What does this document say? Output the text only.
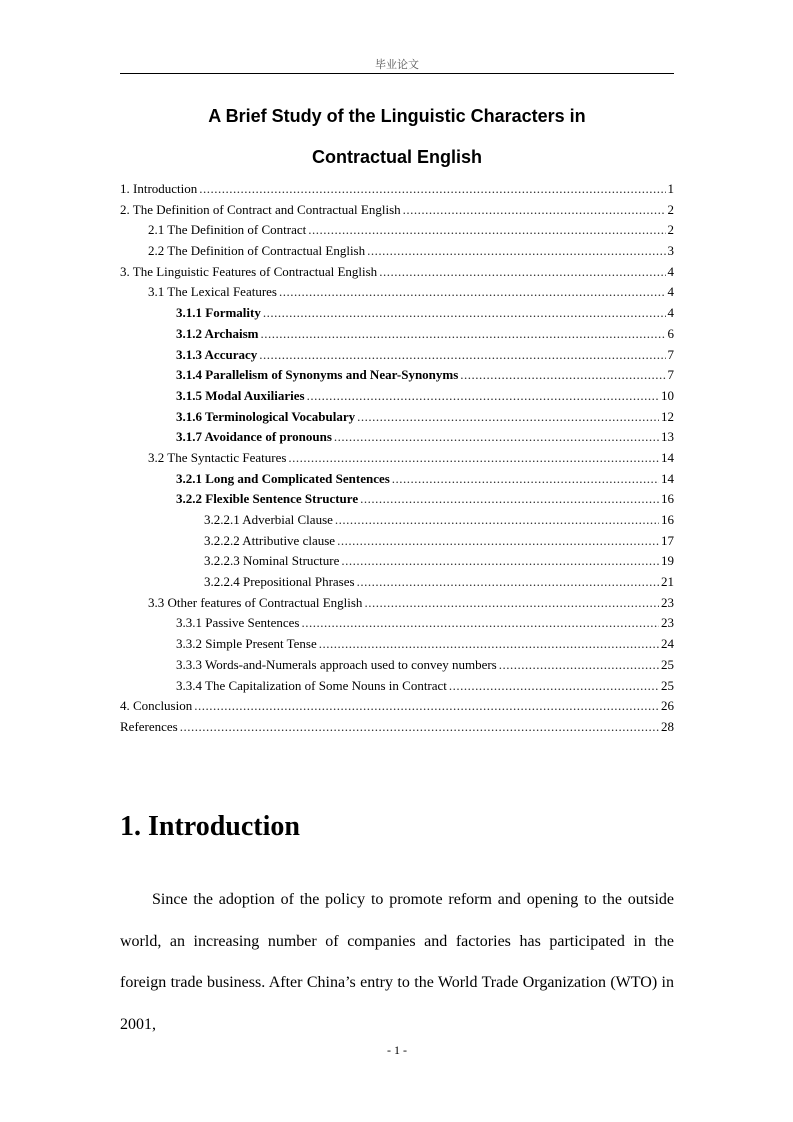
毕业论文
A Brief Study of the Linguistic Characters in
Contractual English
1. Introduction .....	1
2. The Definition of Contract and Contractual English .....	2
2.1 The Definition of Contract .....	2
2.2 The Definition of Contractual English .....	3
3. The Linguistic Features of Contractual English .....	4
3.1 The Lexical Features .....	4
3.1.1 Formality .....	4
3.1.2 Archaism .....	6
3.1.3 Accuracy .....	7
3.1.4 Parallelism of Synonyms and Near-Synonyms .....	7
3.1.5 Modal Auxiliaries .....	10
3.1.6 Terminological Vocabulary .....	12
3.1.7 Avoidance of pronouns .....	13
3.2 The Syntactic Features .....	14
3.2.1 Long and Complicated Sentences .....	14
3.2.2 Flexible Sentence Structure .....	16
3.2.2.1 Adverbial Clause .....	16
3.2.2.2 Attributive clause .....	17
3.2.2.3 Nominal Structure .....	19
3.2.2.4 Prepositional Phrases .....	21
3.3 Other features of Contractual English .....	23
3.3.1 Passive Sentences .....	23
3.3.2 Simple Present Tense .....	24
3.3.3 Words-and-Numerals approach used to convey numbers .....	25
3.3.4 The Capitalization of Some Nouns in Contract .....	25
4. Conclusion .....	26
References .....	28
1. Introduction

Since the adoption of the policy to promote reform and opening to the outside world, an increasing number of companies and factories has participated in the foreign trade business. After China’s entry to the World Trade Organization (WTO) in 2001,

- 1 -
